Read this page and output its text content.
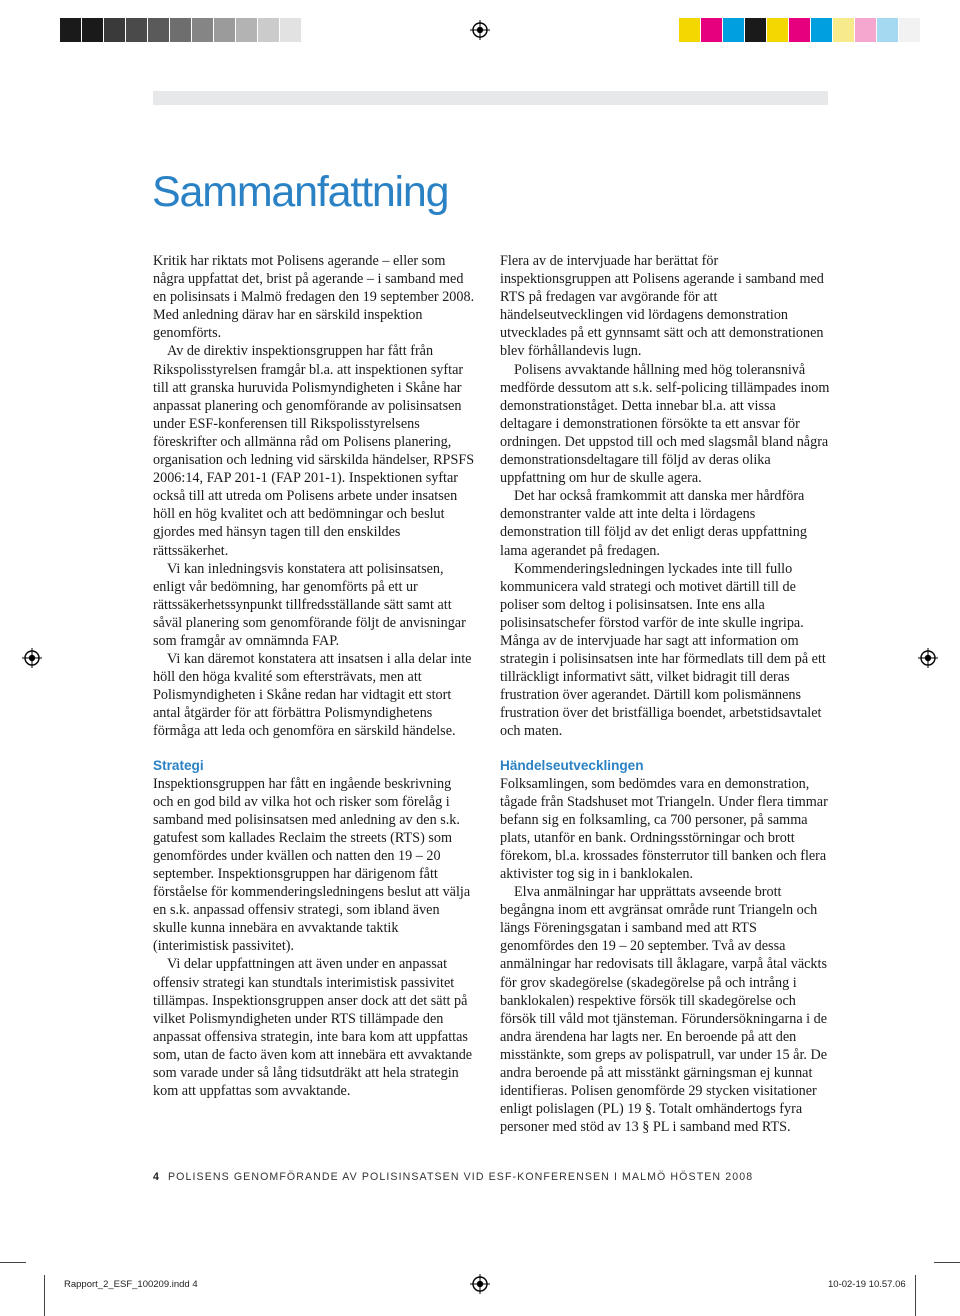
Sammanfattning

Kritik har riktats mot Polisens agerande – eller som några uppfattat det, brist på agerande – i samband med en polisinsats i Malmö fredagen den 19 september 2008. Med anledning därav har en särskild inspektion genomförts.

Av de direktiv inspektionsgruppen har fått från Rikspolisstyrelsen framgår bl.a. att inspektionen syftar till att granska huruvida Polismyndigheten i Skåne har anpassat planering och genomförande av polisinsatsen under ESF-konferensen till Rikspolisstyrelsens föreskrifter och allmänna råd om Polisens planering, organisation och ledning vid särskilda händelser, RPSFS 2006:14, FAP 201-1 (FAP 201-1). Inspektionen syftar också till att utreda om Polisens arbete under insatsen höll en hög kvalitet och att bedömningar och beslut gjordes med hänsyn tagen till den enskildes rättssäkerhet.

Vi kan inledningsvis konstatera att polisinsatsen, enligt vår bedömning, har genomförts på ett ur rättssäkerhetssynpunkt tillfredsställande sätt samt att såväl planering som genomförande följt de anvisningar som framgår av omnämnda FAP.

Vi kan däremot konstatera att insatsen i alla delar inte höll den höga kvalité som eftersträvats, men att Polismyndigheten i Skåne redan har vidtagit ett stort antal åtgärder för att förbättra Polismyndighetens förmåga att leda och genomföra en särskild händelse.

Strategi

Inspektionsgruppen har fått en ingående beskrivning och en god bild av vilka hot och risker som förelåg i samband med polisinsatsen med anledning av den s.k. gatufest som kallades Reclaim the streets (RTS) som genomfördes under kvällen och natten den 19 – 20 september. Inspektionsgruppen har därigenom fått förståelse för kommenderingsledningens beslut att välja en s.k. anpassad offensiv strategi, som ibland även skulle kunna innebära en avvaktande taktik (interimistisk passivitet).

Vi delar uppfattningen att även under en anpassat offensiv strategi kan stundtals interimistisk passivitet tillämpas. Inspektionsgruppen anser dock att det sätt på vilket Polismyndigheten under RTS tillämpade den anpassat offensiva strategin, inte bara kom att uppfattas som, utan de facto även kom att innebära ett avvaktande som varade under så lång tidsutdräkt att hela strategin kom att uppfattas som avvaktande.

Flera av de intervjuade har berättat för inspektionsgruppen att Polisens agerande i samband med RTS på fredagen var avgörande för att händelseutvecklingen vid lördagens demonstration utvecklades på ett gynnsamt sätt och att demonstrationen blev förhållandevis lugn.

Polisens avvaktande hållning med hög toleransnivå medförde dessutom att s.k. self-policing tillämpades inom demonstrationståget. Detta innebar bl.a. att vissa deltagare i demonstrationen försökte ta ett ansvar för ordningen. Det uppstod till och med slagsmål bland några demonstrationsdeltagare till följd av deras olika uppfattning om hur de skulle agera.

Det har också framkommit att danska mer hårdföra demonstranter valde att inte delta i lördagens demonstration till följd av det enligt deras uppfattning lama agerandet på fredagen.

Kommenderingsledningen lyckades inte till fullo kommunicera vald strategi och motivet därtill till de poliser som deltog i polisinsatsen. Inte ens alla polisinsatschefer förstod varför de inte skulle ingripa. Många av de intervjuade har sagt att information om strategin i polisinsatsen inte har förmedlats till dem på ett tillräckligt informativt sätt, vilket bidragit till deras frustration över agerandet. Därtill kom polismännens frustration över det bristfälliga boendet, arbetstidsavtalet och maten.

Händelseutvecklingen

Folksamlingen, som bedömdes vara en demonstration, tågade från Stadshuset mot Triangeln. Under flera timmar befann sig en folksamling, ca 700 personer, på samma plats, utanför en bank. Ordningsstörningar och brott förekom, bl.a. krossades fönsterrutor till banken och flera aktivister tog sig in i banklokalen.

Elva anmälningar har upprättats avseende brott begångna inom ett avgränsat område runt Triangeln och längs Föreningsgatan i samband med att RTS genomfördes den 19 – 20 september. Två av dessa anmälningar har redovisats till åklagare, varpå åtal väckts för grov skadegörelse (skadegörelse på och intrång i banklokalen) respektive försök till skadegörelse och försök till våld mot tjänsteman. Förundersökningarna i de andra ärendena har lagts ner. En beroende på att den misstänkte, som greps av polispatrull, var under 15 år. De andra beroende på att misstänkt gärningsman ej kunnat identifieras. Polisen genomförde 29 stycken visitationer enligt polislagen (PL) 19 §. Totalt omhändertogs fyra personer med stöd av 13 § PL i samband med RTS.

4 POLISENS GENOMFÖRANDE AV POLISINSATSEN VID ESF-KONFERENSEN I MALMÖ HÖSTEN 2008
Rapport_2_ESF_100209.indd 4	10-02-19 10.57.06
